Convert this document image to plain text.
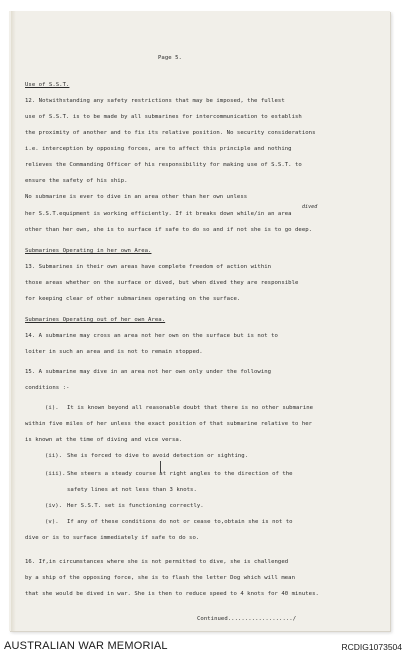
Page 5.
Use of S.S.T.
12. Notwithstanding any safety restrictions that may be imposed, the fullest
use of S.S.T. is to be made by all submarines for intercommunication to establish
the proximity of another and to fix its relative position. No security considerations
i.e. interception by opposing forces, are to affect this principle and nothing
relieves the Commanding Officer of his responsibility for making use of S.S.T. to
ensure the safety of his ship.
No submarine is ever to dive in an area other than her own unless
dived
her S.S.T.equipment is working efficiently. If it breaks down while/in an area
other than her own, she is to surface if safe to do so and if not she is to go deep.
Submarines Operating in her own Area.
13. Submarines in their own areas have complete freedom of action within
those areas whether on the surface or dived, but when dived they are responsible
for keeping clear of other submarines operating on the surface.
Submarines Operating out of her own Area.
14. A submarine may cross an area not her own on the surface but is not to
loiter in such an area and is not to remain stopped.
15. A submarine may dive in an area not her own only under the following
conditions :-
(i). It is known beyond all reasonable doubt that there is no other submarine
within five miles of her unless the exact position of that submarine relative to her
is known at the time of diving and vice versa.
(ii). She is forced to dive to avoid detection or sighting.
(iii). She steers a steady course at right angles to the direction of the
safety lines at not less than 3 knots.
(iv). Her S.S.T. set is functioning correctly.
(v). If any of these conditions do not or cease to,obtain she is not to
dive or is to surface immediately if safe to do so.
16. If,in circumstances where she is not permitted to dive, she is challenged
by a ship of the opposing force, she is to flash the letter Dog which will mean
that she would be dived in war. She is then to reduce speed to 4 knots for 40 minutes.
Continued.................../
AUSTRALIAN WAR MEMORIAL	RCDIG1073504
